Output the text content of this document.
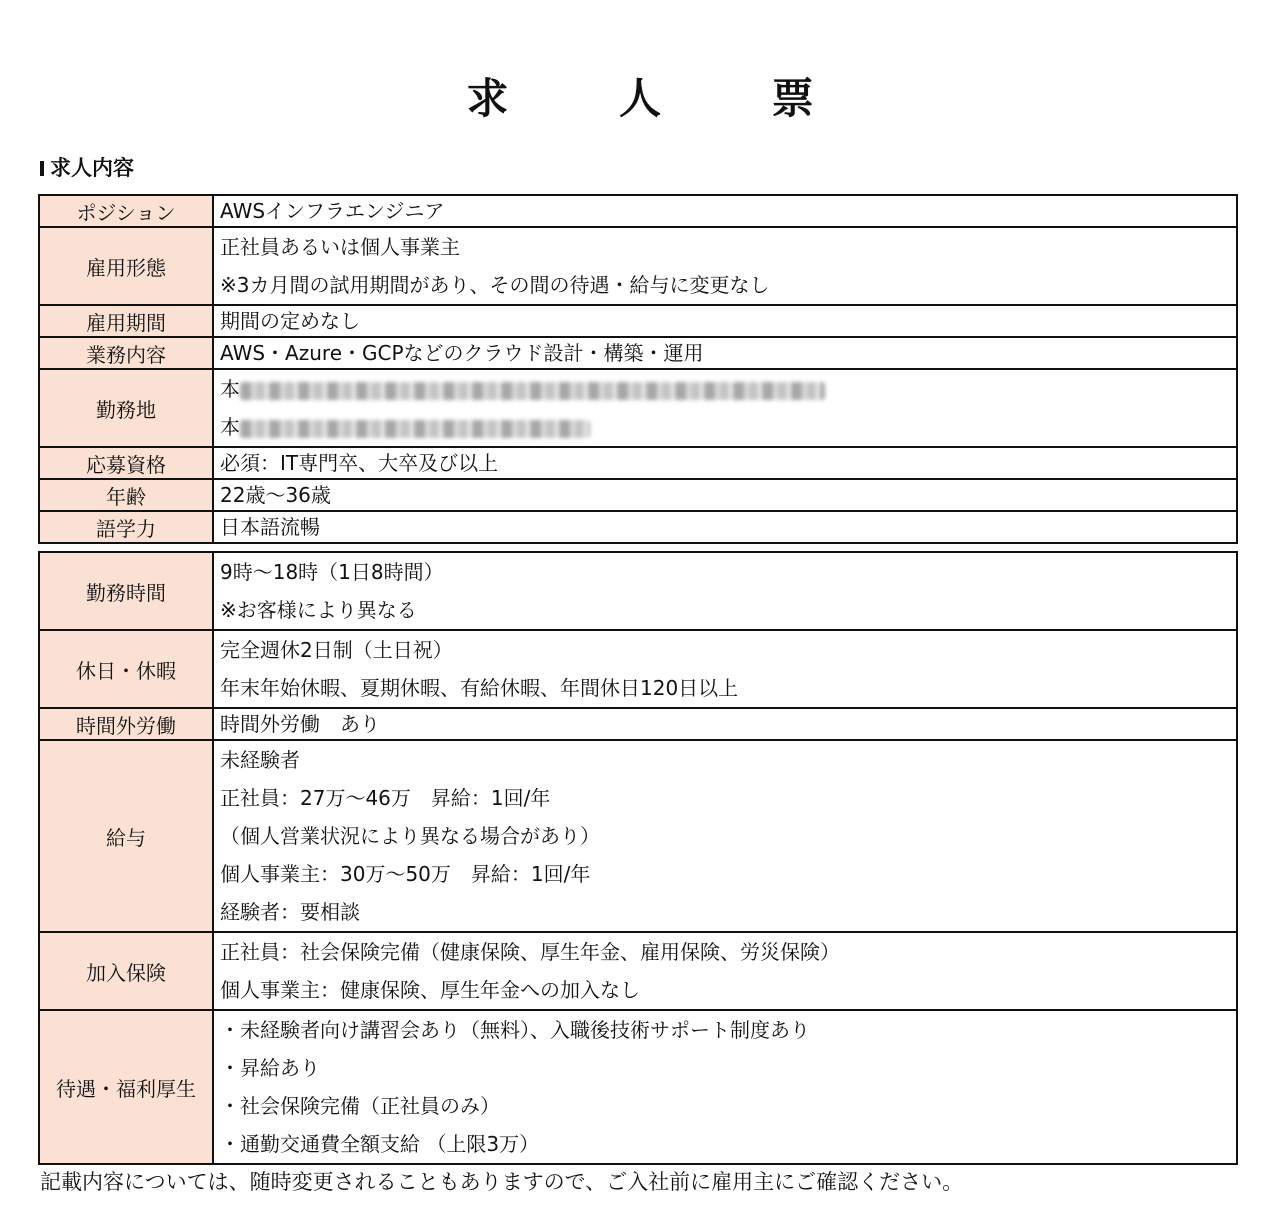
求 人 票
求人内容
ポジション	AWSインフラエンジニア

雇用形態	正社員あるいは個人事業主
※3カ月間の試用期間があり、その間の待遇・給与に変更なし

雇用期間	期間の定めなし

業務内容	AWS・Azure・GCPなどのクラウド設計・構築・運用

勤務地	本
本

応募資格	必須：IT専門卒、大卒及び以上

年齢	22歳～36歳

語学力	日本語流暢
勤務時間	9時～18時（1日8時間）
※お客様により異なる

休日・休暇	完全週休2日制（土日祝）
年末年始休暇、夏期休暇、有給休暇、年間休日120日以上

時間外労働	時間外労働　あり

給与	未経験者
正社員：27万～46万　昇給：1回/年
（個人営業状況により異なる場合があり）
個人事業主：30万～50万　昇給：1回/年
経験者：要相談

加入保険	正社員：社会保険完備（健康保険、厚生年金、雇用保険、労災保険）
個人事業主：健康保険、厚生年金への加入なし

待遇・福利厚生	・未経験者向け講習会あり（無料）、入職後技術サポート制度あり
・昇給あり
・社会保険完備（正社員のみ）
・通勤交通費全額支給 （上限3万）
記載内容については、随時変更されることもありますので、ご入社前に雇用主にご確認ください。
